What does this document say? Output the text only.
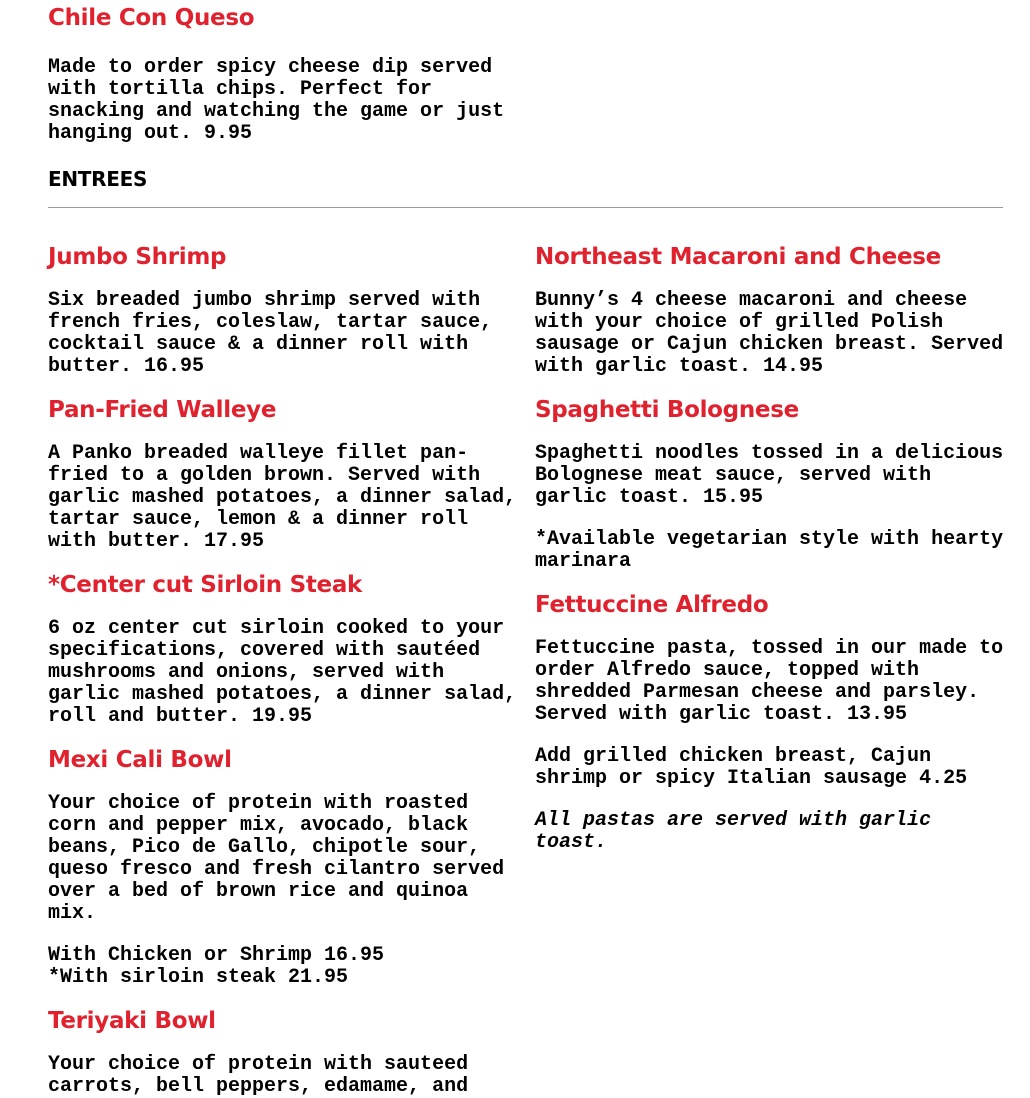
Chile Con Queso

Made to order spicy cheese dip served with tortilla chips. Perfect for snacking and watching the game or just hanging out. 9.95

ENTREES
Jumbo Shrimp

Six breaded jumbo shrimp served with french fries, coleslaw, tartar sauce, cocktail sauce & a dinner roll with butter. 16.95

Pan-Fried Walleye

A Panko breaded walleye fillet pan-fried to a golden brown. Served with garlic mashed potatoes, a dinner salad, tartar sauce, lemon & a dinner roll with butter. 17.95

*Center cut Sirloin Steak

6 oz center cut sirloin cooked to your specifications, covered with sautéed mushrooms and onions, served with garlic mashed potatoes, a dinner salad, roll and butter. 19.95

Mexi Cali Bowl

Your choice of protein with roasted corn and pepper mix, avocado, black beans, Pico de Gallo, chipotle sour, queso fresco and fresh cilantro served over a bed of brown rice and quinoa mix.

With Chicken or Shrimp 16.95

*With sirloin steak 21.95

Teriyaki Bowl

Your choice of protein with sauteed carrots, bell peppers, edamame, and

Northeast Macaroni and Cheese

Bunny’s 4 cheese macaroni and cheese with your choice of grilled Polish sausage or Cajun chicken breast. Served with garlic toast. 14.95

Spaghetti Bolognese

Spaghetti noodles tossed in a delicious Bolognese meat sauce, served with garlic toast. 15.95

*Available vegetarian style with hearty marinara

Fettuccine Alfredo

Fettuccine pasta, tossed in our made to order Alfredo sauce, topped with shredded Parmesan cheese and parsley. Served with garlic toast. 13.95

Add grilled chicken breast, Cajun shrimp or spicy Italian sausage 4.25

All pastas are served with garlic toast.
